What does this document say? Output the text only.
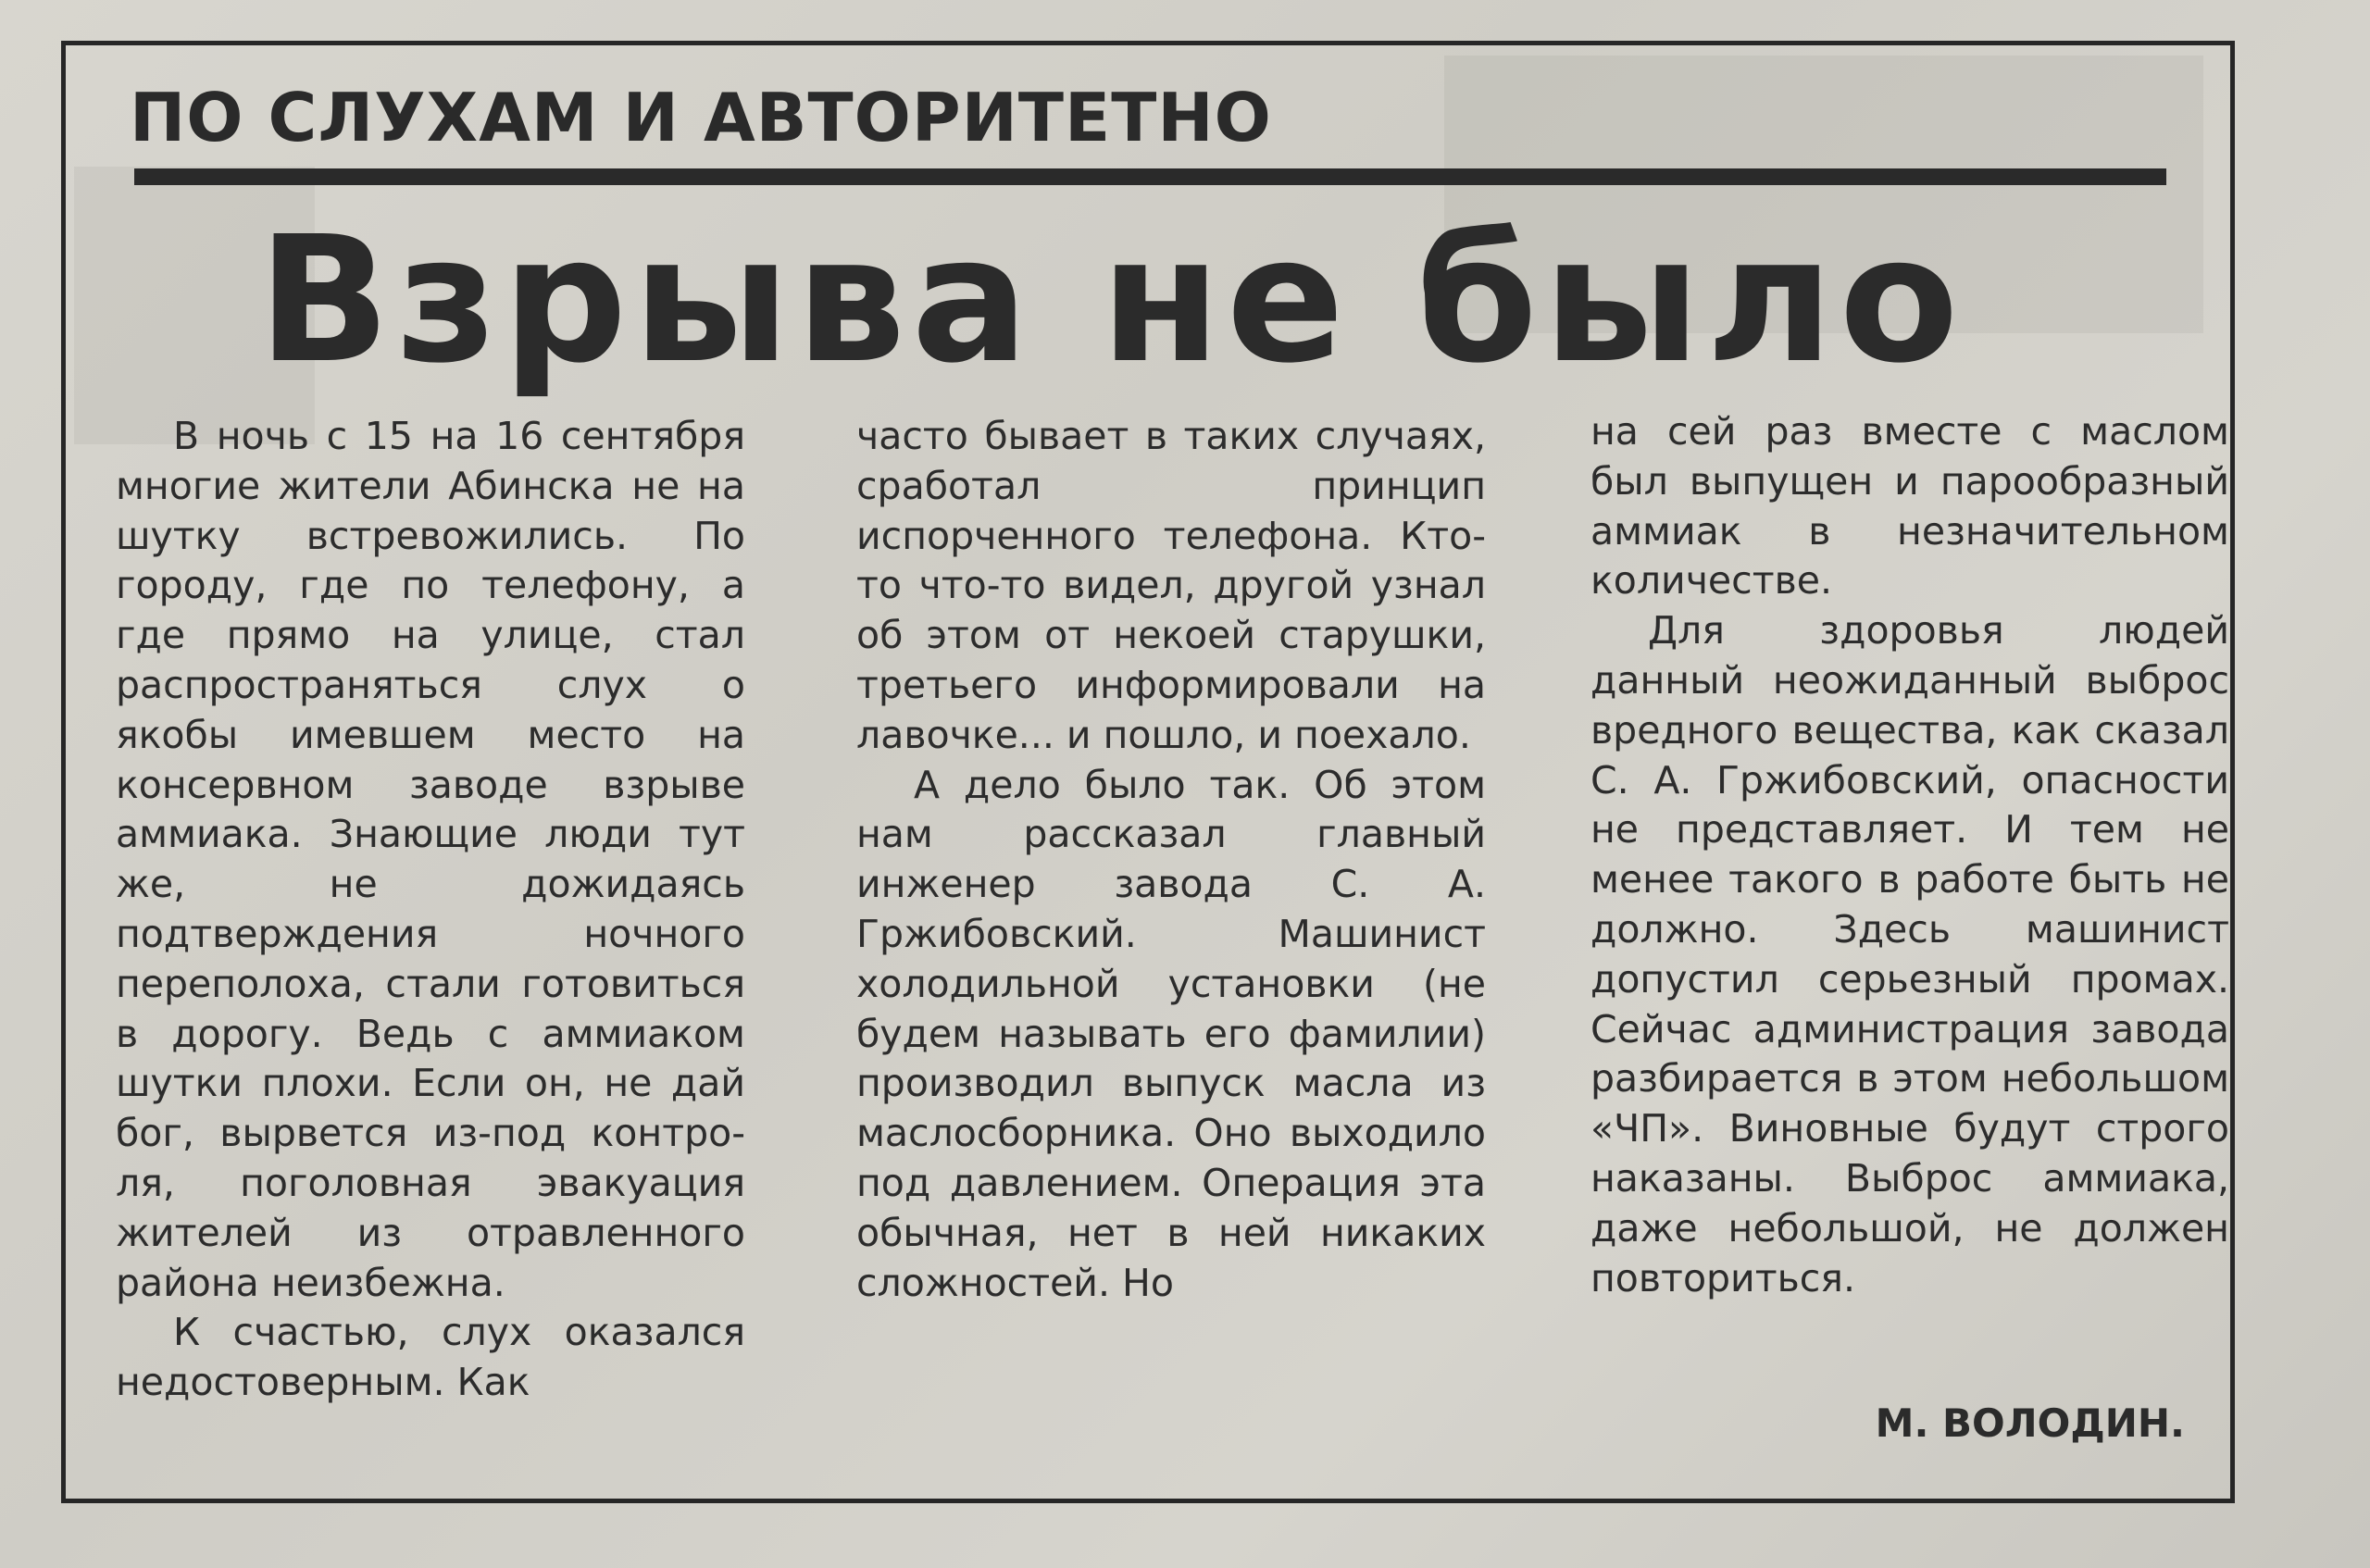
ПО СЛУХАМ И АВТОРИТЕТНО
Взрыва не было

В ночь с 15 на 16 сентября многие жители Абинска не на шутку встревожились. По городу, где по телефону, а где прямо на улице, стал распространяться слух о якобы имевшем место на консервном заводе взрыве аммиака. Знающие люди тут же, не дожидаясь подтверждения ночного переполоха, стали готовиться в дорогу. Ведь с аммиаком шутки плохи. Если он, не дай бог, вырвется из-под контроля, поголовная эвакуация жителей из отравленного района неизбежна.

К счастью, слух оказался недостоверным. Как

часто бывает в таких случаях, сработал принцип испорченного телефона. Кто-то что-то видел, другой узнал об этом от некоей старушки, третьего информировали на лавочке... и пошло, и поехало.

А дело было так. Об этом нам рассказал главный инженер завода С. А. Гржибовский. Машинист холодильной установки (не будем называть его фамилии) производил выпуск масла из маслосборника. Оно выходило под давлением. Операция эта обычная, нет в ней никаких сложностей. Но

на сей раз вместе с маслом был выпущен и парообразный аммиак в незначительном количестве.

Для здоровья людей данный неожиданный выброс вредного вещества, как сказал С. А. Гржибовский, опасности не представляет. И тем не менее такого в работе быть не должно. Здесь машинист допустил серьезный промах. Сейчас администрация завода разбирается в этом небольшом «ЧП». Виновные будут строго наказаны. Выброс аммиака, даже небольшой, не должен повториться.

М. ВОЛОДИН.
